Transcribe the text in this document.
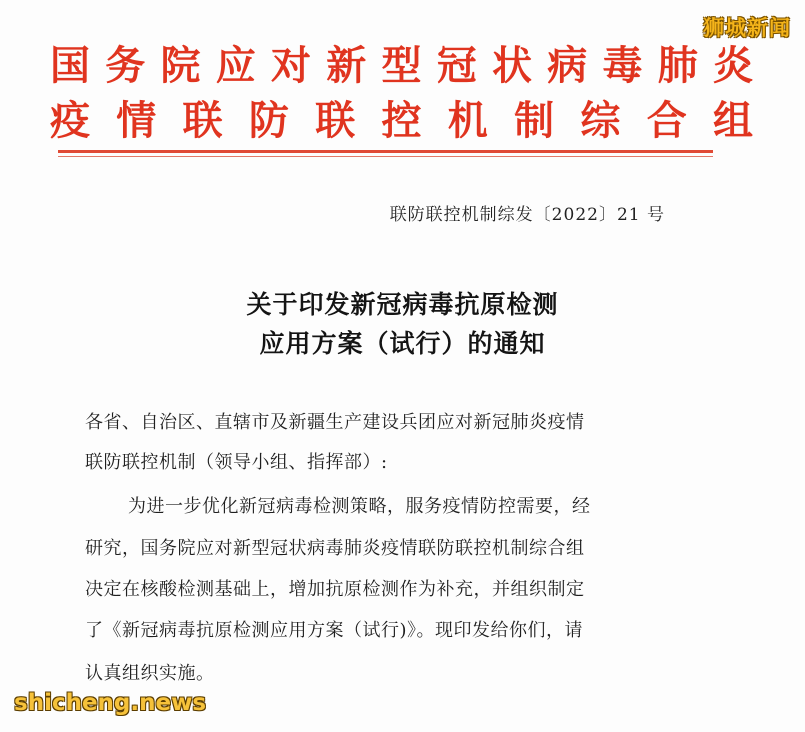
国务院应对新型冠状病毒肺炎
疫情联防联控机制综合组
联防联控机制综发〔2022〕21 号
关于印发新冠病毒抗原检测
应用方案（试行）的通知
各省、自治区、直辖市及新疆生产建设兵团应对新冠肺炎疫情
联防联控机制（领导小组、指挥部）:
为进一步优化新冠病毒检测策略，服务疫情防控需要，经
研究，国务院应对新型冠状病毒肺炎疫情联防联控机制综合组
决定在核酸检测基础上，增加抗原检测作为补充，并组织制定
了《新冠病毒抗原检测应用方案（试行)》。现印发给你们，请
认真组织实施。
狮城新闻
shicheng.news
